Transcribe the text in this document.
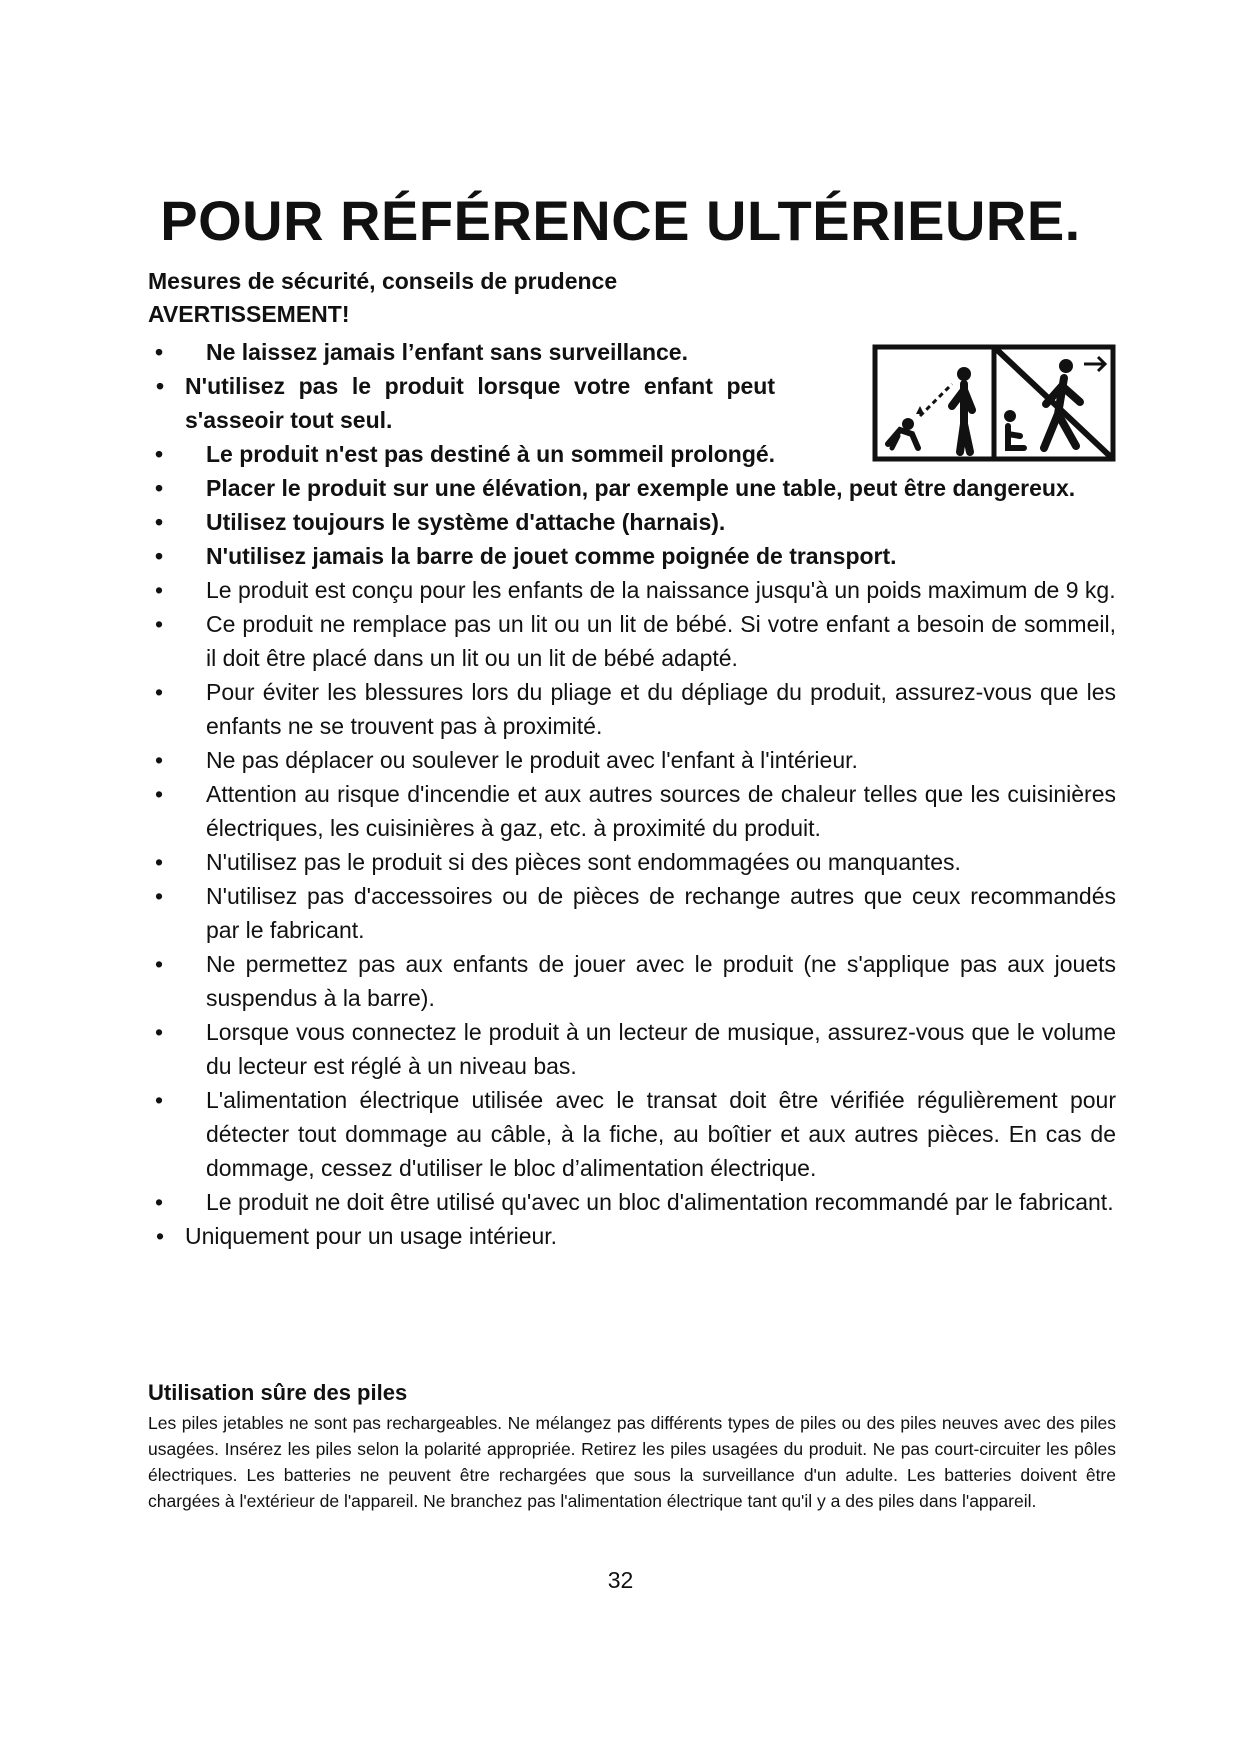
POUR RÉFÉRENCE ULTÉRIEURE.
Mesures de sécurité, conseils de prudence
AVERTISSEMENT!
• Ne laissez jamais l’enfant sans surveillance.
• N'utilisez pas le produit lorsque votre enfant peut s'asseoir tout seul.
• Le produit n'est pas destiné à un sommeil prolongé.
• Placer le produit sur une élévation, par exemple une table, peut être dangereux.
• Utilisez toujours le système d'attache (harnais).
• N'utilisez jamais la barre de jouet comme poignée de transport.
• Le produit est conçu pour les enfants de la naissance jusqu'à un poids maximum de 9 kg.
• Ce produit ne remplace pas un lit ou un lit de bébé. Si votre enfant a besoin de sommeil, il doit être placé dans un lit ou un lit de bébé adapté.
• Pour éviter les blessures lors du pliage et du dépliage du produit, assurez-vous que les enfants ne se trouvent pas à proximité.
• Ne pas déplacer ou soulever le produit avec l'enfant à l'intérieur.
• Attention au risque d'incendie et aux autres sources de chaleur telles que les cuisinières électriques, les cuisinières à gaz, etc. à proximité du produit.
• N'utilisez pas le produit si des pièces sont endommagées ou manquantes.
• N'utilisez pas d'accessoires ou de pièces de rechange autres que ceux recommandés par le fabricant.
• Ne permettez pas aux enfants de jouer avec le produit (ne s'applique pas aux jouets suspendus à la barre).
• Lorsque vous connectez le produit à un lecteur de musique, assurez-vous que le volume du lecteur est réglé à un niveau bas.
• L'alimentation électrique utilisée avec le transat doit être vérifiée régulièrement pour détecter tout dommage au câble, à la fiche, au boîtier et aux autres pièces. En cas de dommage, cessez d'utiliser le bloc d’alimentation électrique.
• Le produit ne doit être utilisé qu'avec un bloc d'alimentation recommandé par le fabricant.
• Uniquement pour un usage intérieur.
Utilisation sûre des piles
Les piles jetables ne sont pas rechargeables. Ne mélangez pas différents types de piles ou des piles neuves avec des piles usagées. Insérez les piles selon la polarité appropriée. Retirez les piles usagées du produit. Ne pas court-circuiter les pôles électriques. Les batteries ne peuvent être rechargées que sous la surveillance d'un adulte. Les batteries doivent être chargées à l'extérieur de l'appareil. Ne branchez pas l'alimentation électrique tant qu'il y a des piles dans l'appareil.
32
